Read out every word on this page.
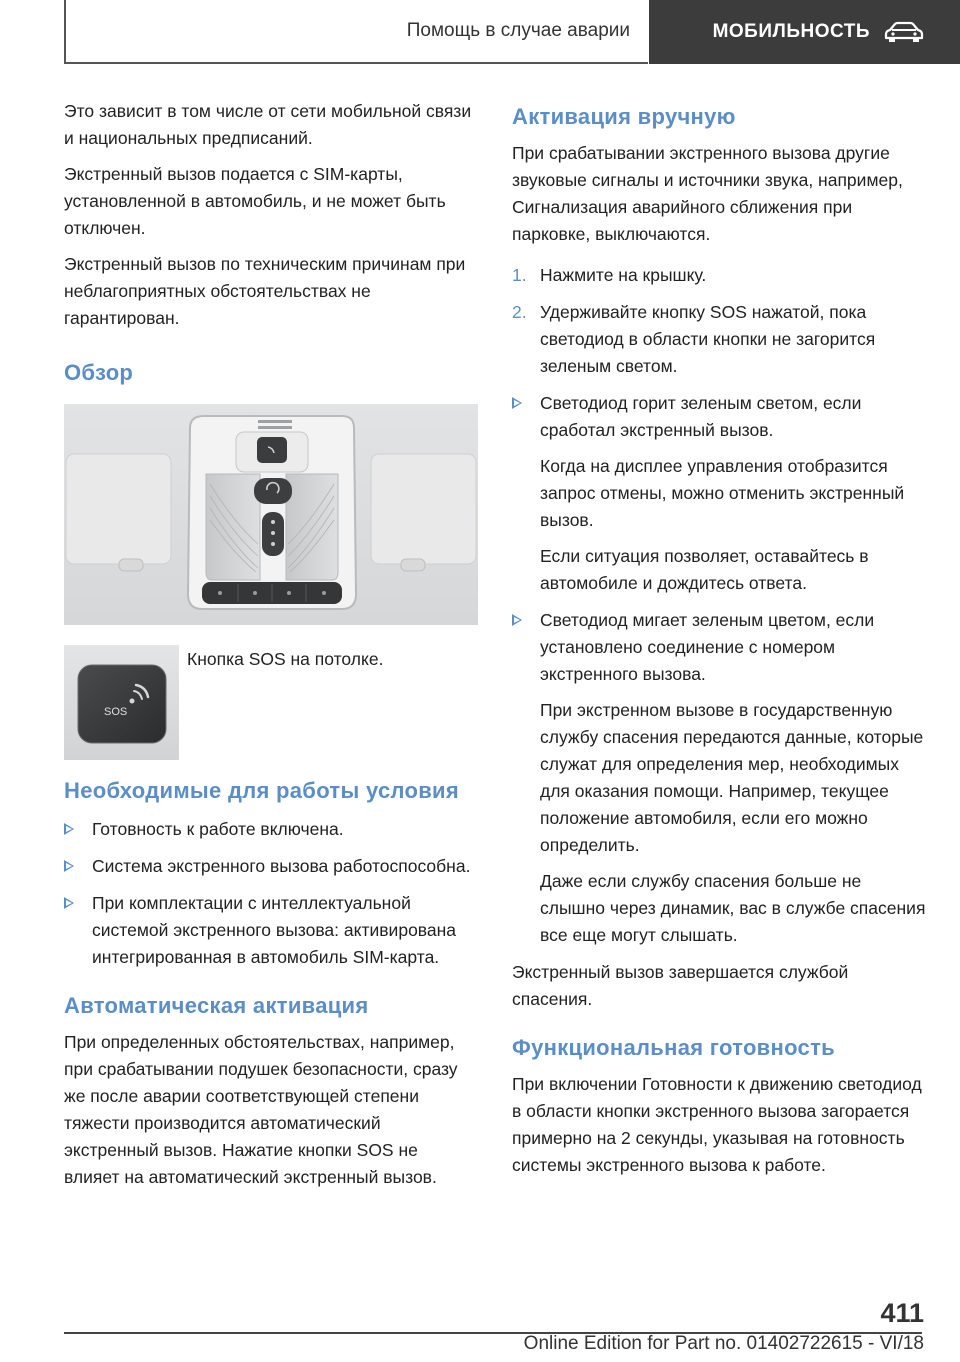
Помощь в случае аварии	МОБИЛЬНОСТЬ

Это зависит в том числе от сети мобильной связи и национальных предписаний.

Экстренный вызов подается с SIM-карты, установленной в автомобиль, и не может быть отключен.

Экстренный вызов по техническим причинам при неблагоприятных обстоятельствах не гарантирован.

Обзор
SOS
Кнопка SOS на потолке.
Необходимые для работы условия
Готовность к работе включена.
Система экстренного вызова работоспособна.
При комплектации с интеллектуальной системой экстренного вызова: активирована интегрированная в автомобиль SIM-карта.
Автоматическая активация

При определенных обстоятельствах, например, при срабатывании подушек безопасности, сразу же после аварии соответствующей степени тяжести производится автоматический экстренный вызов. Нажатие кнопки SOS не влияет на автоматический экстренный вызов.

Активация вручную

При срабатывании экстренного вызова другие звуковые сигналы и источники звука, например, Сигнализация аварийного сближения при парковке, выключаются.

1. Нажмите на крышку.
2. Удерживайте кнопку SOS нажатой, пока светодиод в области кнопки не загорится зеленым светом.
Светодиод горит зеленым светом, если сработал экстренный вызов.
Когда на дисплее управления отобразится запрос отмены, можно отменить экстренный вызов.
Если ситуация позволяет, оставайтесь в автомобиле и дождитесь ответа.
Светодиод мигает зеленым цветом, если установлено соединение с номером экстренного вызова.
При экстренном вызове в государственную службу спасения передаются данные, которые служат для определения мер, необходимых для оказания помощи. Например, текущее положение автомобиля, если его можно определить.
Даже если службу спасения больше не слышно через динамик, вас в службе спасения все еще могут слышать.

Экстренный вызов завершается службой спасения.

Функциональная готовность

При включении Готовности к движению светодиод в области кнопки экстренного вызова загорается примерно на 2 секунды, указывая на готовность системы экстренного вызова к работе.

411
Online Edition for Part no. 01402722615 - VI/18
